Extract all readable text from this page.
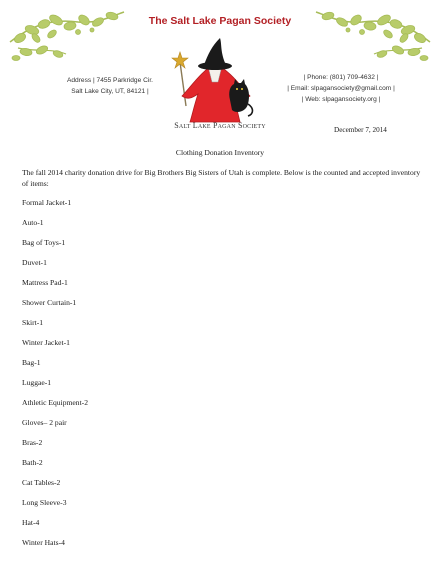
The Salt Lake Pagan Society
Address | 7455 Parkridge Cir.
Salt Lake City, UT, 84121 |
Salt Lake Pagan Society
| Phone: (801) 709-4632 |
| Email: slpagansociety@gmail.com |
| Web: slpagansociety.org |
December 7, 2014
Clothing Donation Inventory
The fall 2014 charity donation drive for Big Brothers Big Sisters of Utah is complete. Below is the counted and accepted inventory of items:
Formal Jacket-1
Auto-1
Bag of Toys-1
Duvet-1
Mattress Pad-1
Shower Curtain-1
Skirt-1
Winter Jacket-1
Bag-1
Luggae-1
Athletic Equipment-2
Gloves– 2 pair
Bras-2
Bath-2
Cat Tables-2
Long Sleeve-3
Hat-4
Winter Hats-4
